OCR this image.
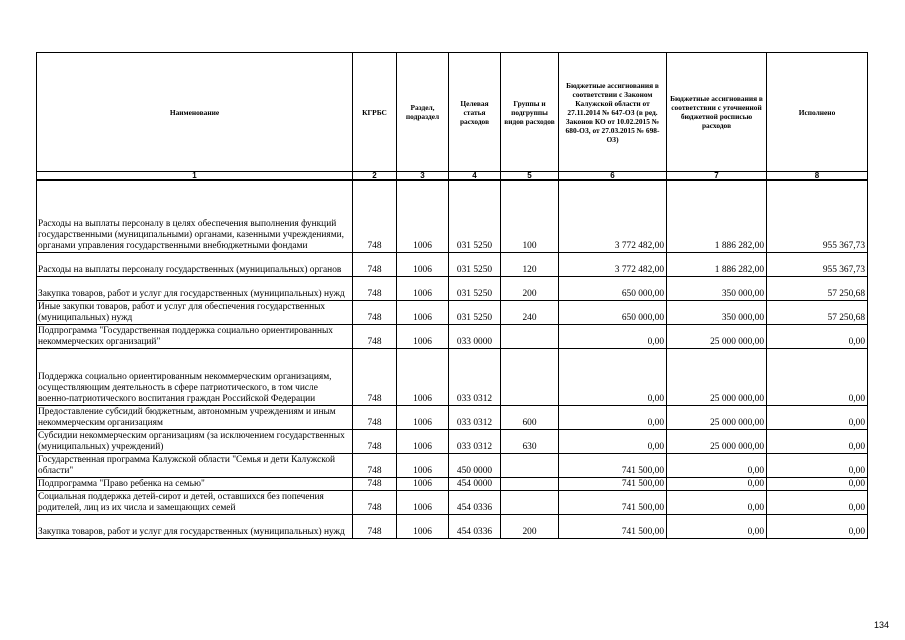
Наименование	КГРБС	Раздел, подраздел	Целевая статья расходов	Группы и подгруппы видов расходов	Бюджетные ассигнования в соответствии с Законом Калужской области от 27.11.2014 № 647-ОЗ (в ред. Законов КО от 10.02.2015 № 680-ОЗ, от 27.03.2015 № 698-ОЗ)	Бюджетные ассигнования в соответствии с уточненной бюджетной росписью расходов	Исполнено
1	2	3	4	5	6	7	8
Расходы на выплаты персоналу в целях обеспечения выполнения функций государственными (муниципальными) органами, казенными учреждениями, органами управления государственными внебюджетными фондами	748	1006	031 5250	100	3 772 482,00	1 886 282,00	955 367,73
Расходы на выплаты персоналу государственных (муниципальных) органов	748	1006	031 5250	120	3 772 482,00	1 886 282,00	955 367,73
Закупка товаров, работ и услуг для государственных (муниципальных) нужд	748	1006	031 5250	200	650 000,00	350 000,00	57 250,68
Иные закупки товаров, работ и услуг для обеспечения государственных (муниципальных) нужд	748	1006	031 5250	240	650 000,00	350 000,00	57 250,68
Подпрограмма "Государственная поддержка социально ориентированных некоммерческих организаций"	748	1006	033 0000		0,00	25 000 000,00	0,00
Поддержка социально ориентированным некоммерческим организациям, осуществляющим деятельность в сфере патриотического, в том числе военно-патриотического воспитания граждан Российской Федерации	748	1006	033 0312		0,00	25 000 000,00	0,00
Предоставление субсидий бюджетным, автономным учреждениям и иным некоммерческим организациям	748	1006	033 0312	600	0,00	25 000 000,00	0,00
Субсидии некоммерческим организациям (за исключением государственных (муниципальных) учреждений)	748	1006	033 0312	630	0,00	25 000 000,00	0,00
Государственная программа Калужской области "Семья и дети Калужской области"	748	1006	450 0000		741 500,00	0,00	0,00
Подпрограмма "Право ребенка на семью"	748	1006	454 0000		741 500,00	0,00	0,00
Социальная поддержка детей-сирот и детей, оставшихся без попечения родителей, лиц из их числа и замещающих семей	748	1006	454 0336		741 500,00	0,00	0,00
Закупка товаров, работ и услуг для государственных (муниципальных) нужд	748	1006	454 0336	200	741 500,00	0,00	0,00
134
